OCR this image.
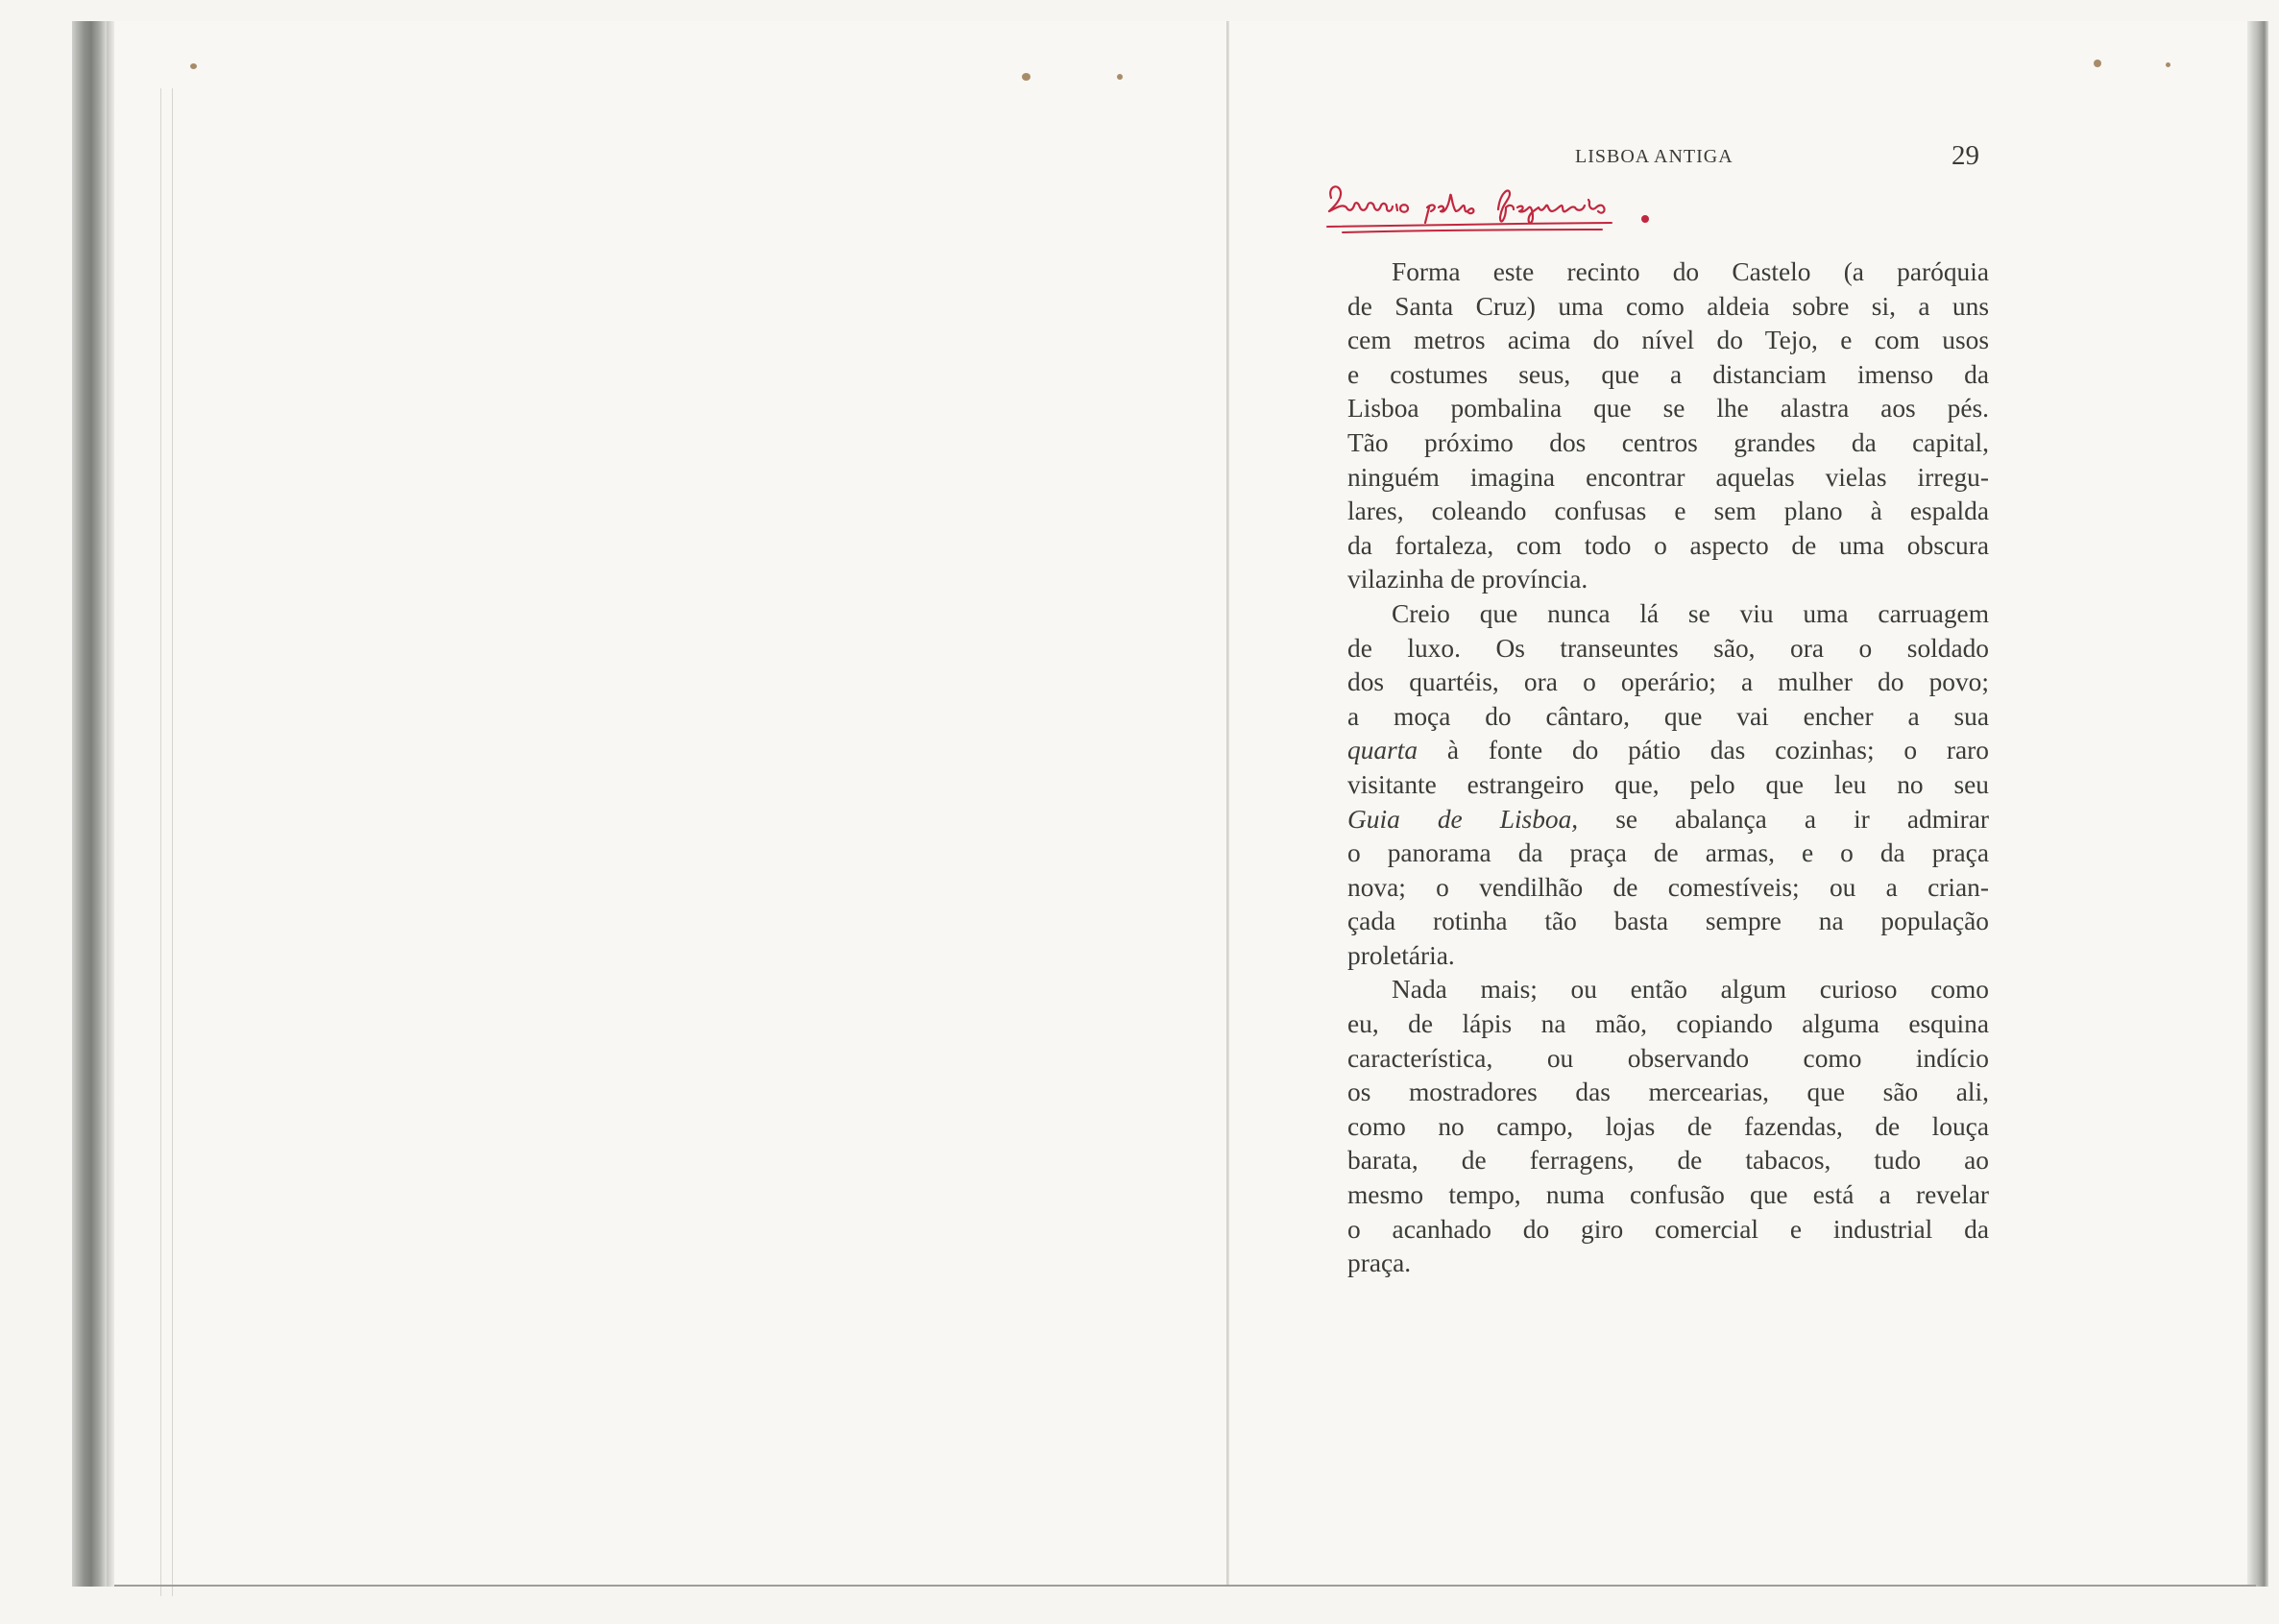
LISBOA ANTIGA	29
Forma este recinto do Castelo (a paróquia
de Santa Cruz) uma como aldeia sobre si, a uns
cem metros acima do nível do Tejo, e com usos
e costumes seus, que a distanciam imenso da
Lisboa pombalina que se lhe alastra aos pés.
Tão próximo dos centros grandes da capital,
ninguém imagina encontrar aquelas vielas irregu-
lares, coleando confusas e sem plano à espalda
da fortaleza, com todo o aspecto de uma obscura
vilazinha de província.
Creio que nunca lá se viu uma carruagem
de luxo. Os transeuntes são, ora o soldado
dos quartéis, ora o operário; a mulher do povo;
a moça do cântaro, que vai encher a sua
quarta à fonte do pátio das cozinhas; o raro
visitante estrangeiro que, pelo que leu no seu
Guia de Lisboa, se abalança a ir admirar
o panorama da praça de armas, e o da praça
nova; o vendilhão de comestíveis; ou a crian-
çada rotinha tão basta sempre na população
proletária.
Nada mais; ou então algum curioso como
eu, de lápis na mão, copiando alguma esquina
característica, ou observando como indício
os mostradores das mercearias, que são ali,
como no campo, lojas de fazendas, de louça
barata, de ferragens, de tabacos, tudo ao
mesmo tempo, numa confusão que está a revelar
o acanhado do giro comercial e industrial da
praça.
